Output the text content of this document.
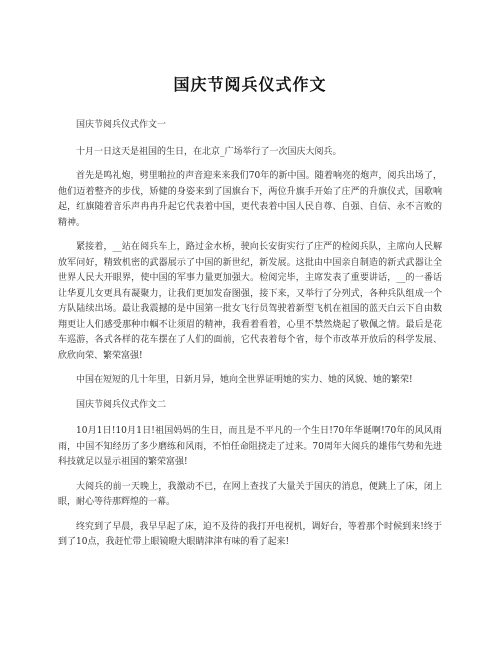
国庆节阅兵仪式作文

国庆节阅兵仪式作文一

十月一日这天是祖国的生日，在北京_广场举行了一次国庆大阅兵。

首先是鸣礼炮，劈里啪拉的声音迎来来我们70年的新中国。随着响亮的炮声，阅兵出场了，他们迈着整齐的步伐，矫健的身姿来到了国旗台下，两位升旗手开始了庄严的升旗仪式，国歌响起，红旗随着音乐声冉冉升起它代表着中国，更代表着中国人民自尊、自强、自信、永不言败的精神。

紧接着，__站在阅兵车上，路过金水桥，驶向长安街实行了庄严的检阅兵队，主席向人民解放军问好，精致机密的武器展示了中国的新世纪，新发展。这批由中国亲自制造的新式武器让全世界人民大开眼界，使中国的军事力量更加强大。检阅完毕，主席发表了重要讲话，__的一番话让华夏儿女更具有凝聚力，让我们更加发奋图强，接下来，又举行了分列式，各种兵队组成一个方队陆续出场。最让我震撼的是中国第一批女飞行员驾驶着新型飞机在祖国的蓝天白云下自由数翔更让人们感受那种巾帼不让须眉的精神，我看着看着，心里不禁然烧起了敬佩之情。最后是花车巡游，各式各样的花车摆在了人们的面前，它代表着每个省，每个市改革开放后的科学发展、欣欣向荣、繁荣富强!

中国在短短的几十年里，日新月异，她向全世界证明她的实力、她的风貌、她的繁荣!

国庆节阅兵仪式作文二

10月1日!10月1日!祖国妈妈的生日，而且是不平凡的一个生日!70年华诞啊!70年的风风雨雨，中国不知经历了多少磨练和风雨，不怕任命阻挠走了过来。70周年大阅兵的雄伟气势和先进科技就足以显示祖国的繁荣富强!

大阅兵的前一天晚上，我激动不已，在网上查找了大量关于国庆的消息，便跳上了床，闭上眼，耐心等待那辉煌的一幕。

终究到了早晨，我早早起了床，迫不及待的我打开电视机，调好台，等着那个时候到来!终于到了10点，我赶忙带上眼镜瞪大眼睛津津有味的看了起来!
